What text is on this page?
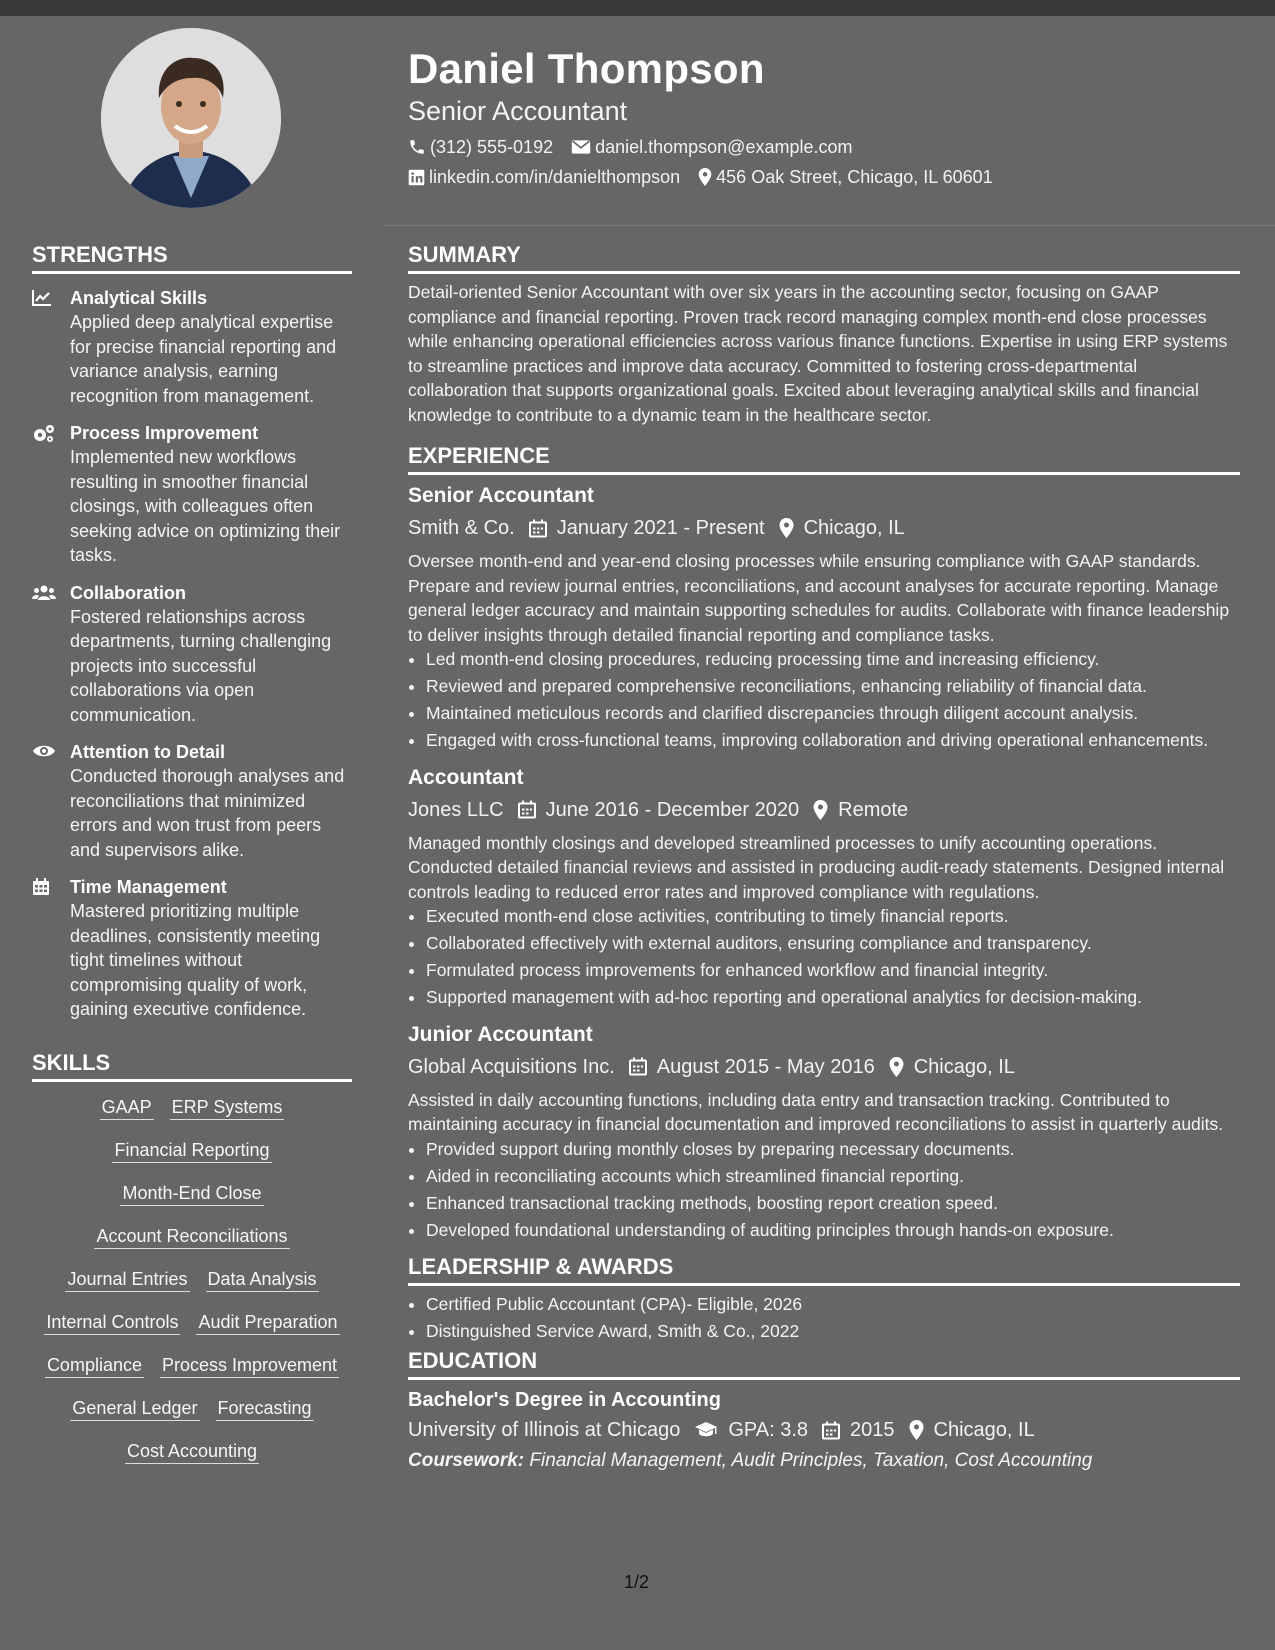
Daniel Thompson
Senior Accountant
(312) 555-0192 daniel.thompson@example.com
linkedin.com/in/danielthompson 456 Oak Street, Chicago, IL 60601
STRENGTHS
Analytical Skills
Applied deep analytical expertise for precise financial reporting and variance analysis, earning recognition from management.
Process Improvement
Implemented new workflows resulting in smoother financial closings, with colleagues often seeking advice on optimizing their tasks.
Collaboration
Fostered relationships across departments, turning challenging projects into successful collaborations via open communication.
Attention to Detail
Conducted thorough analyses and reconciliations that minimized errors and won trust from peers and supervisors alike.
Time Management
Mastered prioritizing multiple deadlines, consistently meeting tight timelines without compromising quality of work, gaining executive confidence.
SKILLS
GAAP ERP Systems
Financial Reporting
Month-End Close
Account Reconciliations
Journal Entries Data Analysis
Internal Controls Audit Preparation
Compliance Process Improvement
General Ledger Forecasting
Cost Accounting
SUMMARY

Detail-oriented Senior Accountant with over six years in the accounting sector, focusing on GAAP compliance and financial reporting. Proven track record managing complex month-end close processes while enhancing operational efficiencies across various finance functions. Expertise in using ERP systems to streamline practices and improve data accuracy. Committed to fostering cross-departmental collaboration that supports organizational goals. Excited about leveraging analytical skills and financial knowledge to contribute to a dynamic team in the healthcare sector.

EXPERIENCE
Senior Accountant
Smith & Co. January 2021 - Present Chicago, IL

Oversee month-end and year-end closing processes while ensuring compliance with GAAP standards. Prepare and review journal entries, reconciliations, and account analyses for accurate reporting. Manage general ledger accuracy and maintain supporting schedules for audits. Collaborate with finance leadership to deliver insights through detailed financial reporting and compliance tasks.

• Led month-end closing procedures, reducing processing time and increasing efficiency.
• Reviewed and prepared comprehensive reconciliations, enhancing reliability of financial data.
• Maintained meticulous records and clarified discrepancies through diligent account analysis.
• Engaged with cross-functional teams, improving collaboration and driving operational enhancements.
Accountant
Jones LLC June 2016 - December 2020 Remote

Managed monthly closings and developed streamlined processes to unify accounting operations. Conducted detailed financial reviews and assisted in producing audit-ready statements. Designed internal controls leading to reduced error rates and improved compliance with regulations.

• Executed month-end close activities, contributing to timely financial reports.
• Collaborated effectively with external auditors, ensuring compliance and transparency.
• Formulated process improvements for enhanced workflow and financial integrity.
• Supported management with ad-hoc reporting and operational analytics for decision-making.
Junior Accountant
Global Acquisitions Inc. August 2015 - May 2016 Chicago, IL

Assisted in daily accounting functions, including data entry and transaction tracking. Contributed to maintaining accuracy in financial documentation and improved reconciliations to assist in quarterly audits.

• Provided support during monthly closes by preparing necessary documents.
• Aided in reconciliating accounts which streamlined financial reporting.
• Enhanced transactional tracking methods, boosting report creation speed.
• Developed foundational understanding of auditing principles through hands-on exposure.
LEADERSHIP & AWARDS
• Certified Public Accountant (CPA)- Eligible, 2026
• Distinguished Service Award, Smith & Co., 2022
EDUCATION
Bachelor's Degree in Accounting
University of Illinois at Chicago GPA: 3.8 2015 Chicago, IL
Coursework: Financial Management, Audit Principles, Taxation, Cost Accounting
1/2
